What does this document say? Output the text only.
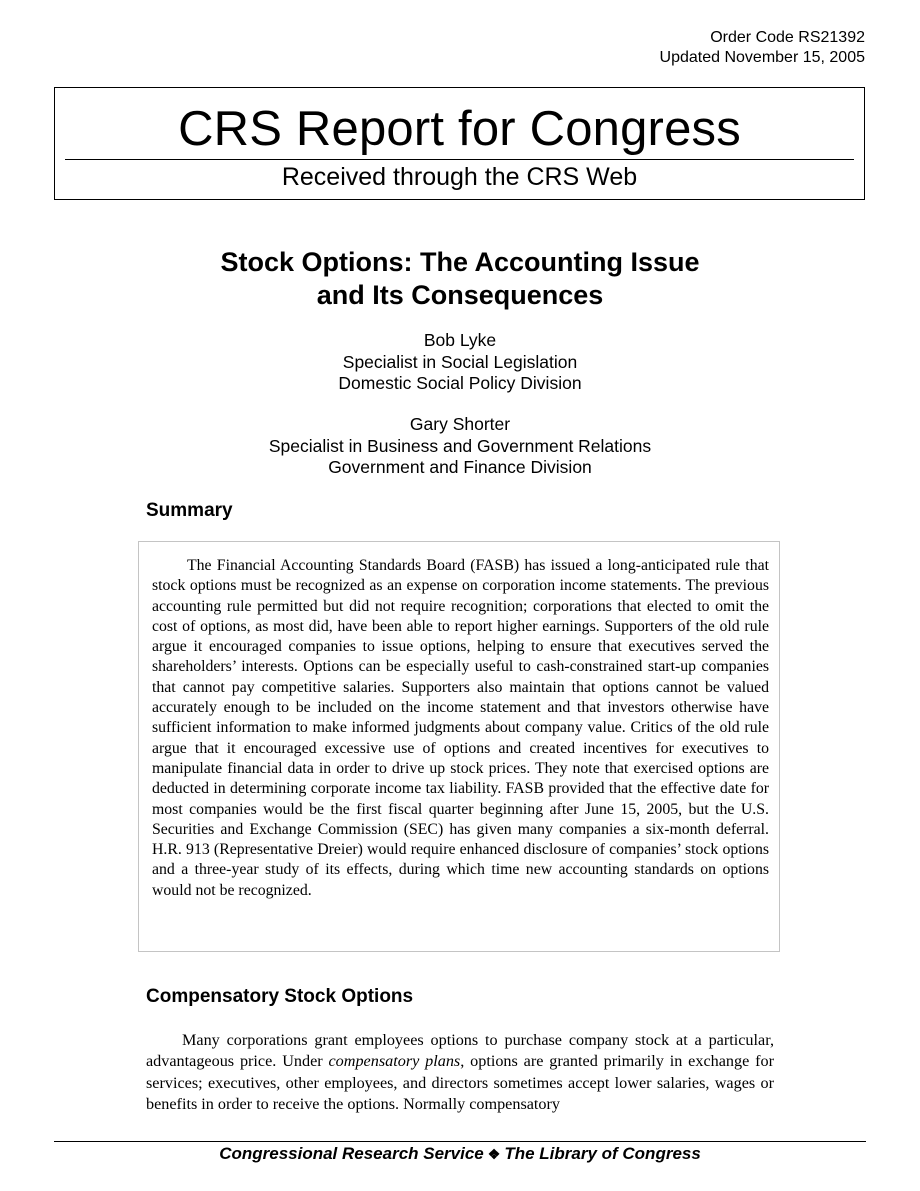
Order Code RS21392
Updated November 15, 2005
CRS Report for Congress
Received through the CRS Web
Stock Options: The Accounting Issue
and Its Consequences
Bob Lyke
Specialist in Social Legislation
Domestic Social Policy Division
Gary Shorter
Specialist in Business and Government Relations
Government and Finance Division
Summary

The Financial Accounting Standards Board (FASB) has issued a long-anticipated rule that stock options must be recognized as an expense on corporation income statements. The previous accounting rule permitted but did not require recognition; corporations that elected to omit the cost of options, as most did, have been able to report higher earnings. Supporters of the old rule argue it encouraged companies to issue options, helping to ensure that executives served the shareholders’ interests. Options can be especially useful to cash-constrained start-up companies that cannot pay competitive salaries. Supporters also maintain that options cannot be valued accurately enough to be included on the income statement and that investors otherwise have sufficient information to make informed judgments about company value. Critics of the old rule argue that it encouraged excessive use of options and created incentives for executives to manipulate financial data in order to drive up stock prices. They note that exercised options are deducted in determining corporate income tax liability. FASB provided that the effective date for most companies would be the first fiscal quarter beginning after June 15, 2005, but the U.S. Securities and Exchange Commission (SEC) has given many companies a six-month deferral. H.R. 913 (Representative Dreier) would require enhanced disclosure of companies’ stock options and a three-year study of its effects, during which time new accounting standards on options would not be recognized.

Compensatory Stock Options

Many corporations grant employees options to purchase company stock at a particular, advantageous price. Under compensatory plans, options are granted primarily in exchange for services; executives, other employees, and directors sometimes accept lower salaries, wages or benefits in order to receive the options. Normally compensatory

Congressional Research Service ❖ The Library of Congress
